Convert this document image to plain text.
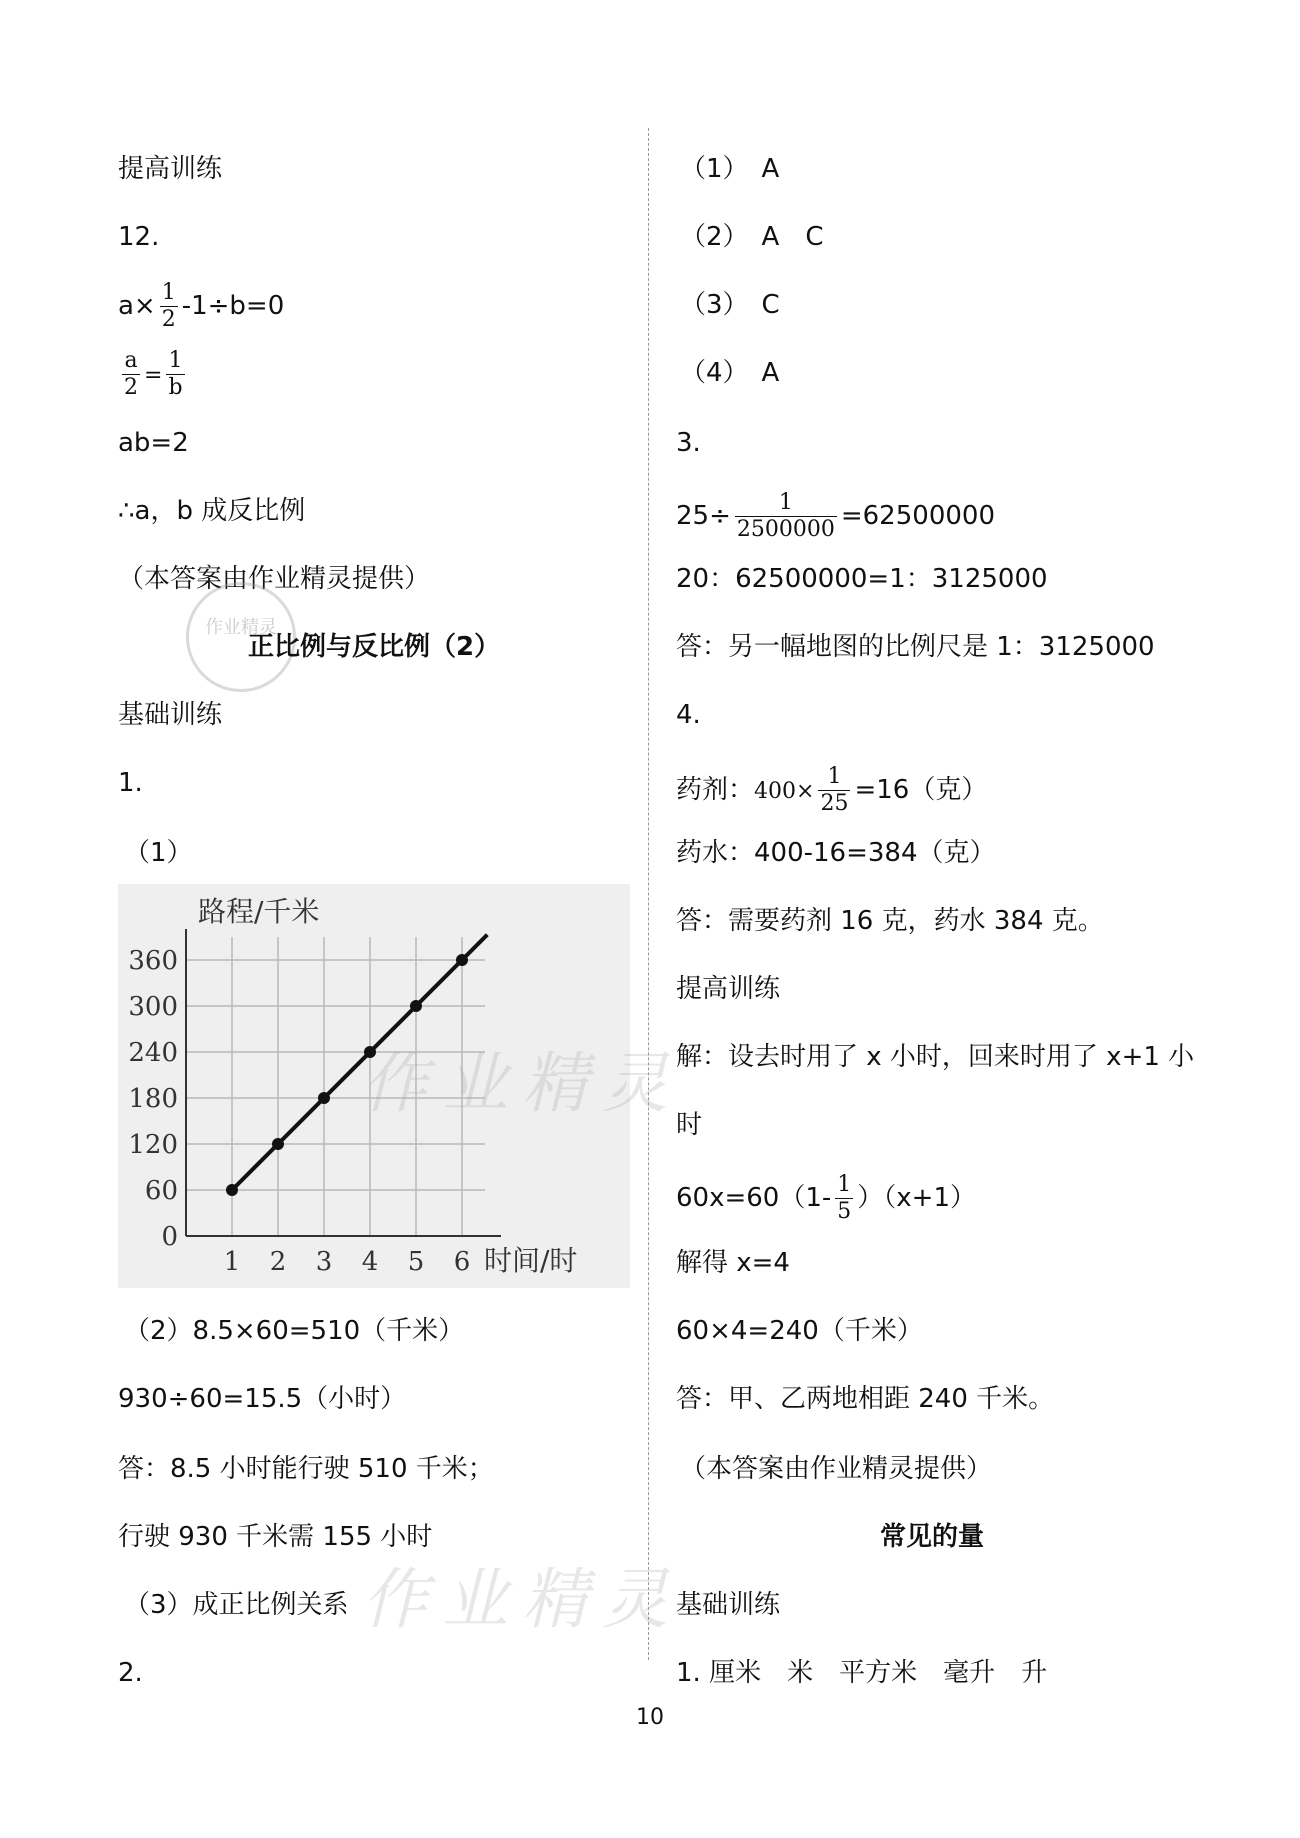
提高训练
12.
$a\times \frac{1}{2} -1\div b=0$
$\frac{a}{2} = \frac{1}{b}$
ab=2
∴a，b 成反比例
（本答案由作业精灵提供）
作业精灵
正比例与反比例（2）
基础训练
1.
（1）
0
60
120
180
240
300
360
1 2 3 4 5 6
路程/千米
时间/时
（2）8.5×60=510（千米）
930÷60=15.5（小时）
答：8.5 小时能行驶 510 千米；
行驶 930 千米需 155 小时
（3）成正比例关系
2.
（1）　A
（2）　A　C
（3）　C
（4）　A
3.
$25\div \frac{1}{2500000} =62500000$
20：62500000=1：3125000
答：另一幅地图的比例尺是 1：3125000
4.
药剂：$400\times \frac{1}{25} =16$（克）
药水：400-16=384（克）
答：需要药剂 16 克，药水 384 克。
提高训练
解：设去时用了 x 小时，回来时用了 x+1 小
时
$60x=60(1- \frac{1}{5} )(x+1)$
解得 x=4
60×4=240（千米）
答：甲、乙两地相距 240 千米。
（本答案由作业精灵提供）
常见的量
基础训练
1. 厘米　米　平方米　毫升　升
作业精灵
作业精灵
10
